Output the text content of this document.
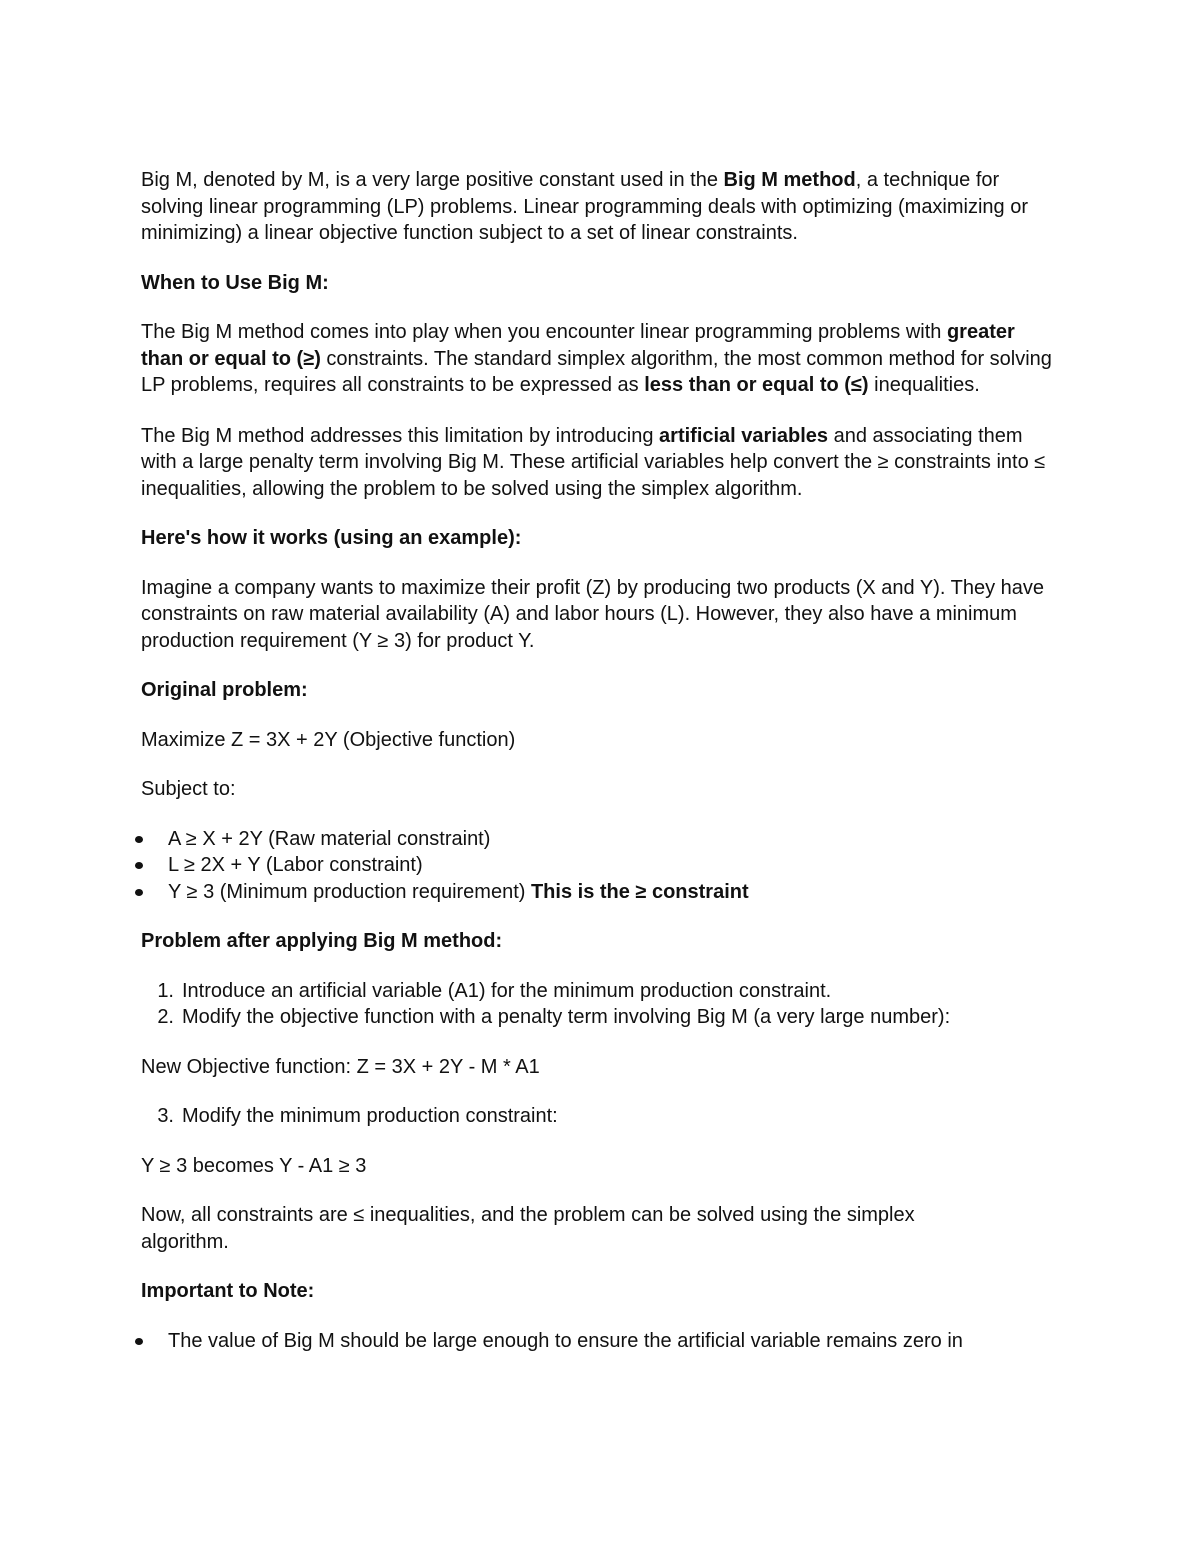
Big M, denoted by M, is a very large positive constant used in the Big M method, a technique for solving linear programming (LP) problems. Linear programming deals with optimizing (maximizing or minimizing) a linear objective function subject to a set of linear constraints.

When to Use Big M:

The Big M method comes into play when you encounter linear programming problems with greater than or equal to (≥) constraints. The standard simplex algorithm, the most common method for solving LP problems, requires all constraints to be expressed as less than or equal to (≤) inequalities.

The Big M method addresses this limitation by introducing artificial variables and associating them with a large penalty term involving Big M. These artificial variables help convert the ≥ constraints into ≤ inequalities, allowing the problem to be solved using the simplex algorithm.

Here's how it works (using an example):

Imagine a company wants to maximize their profit (Z) by producing two products (X and Y). They have constraints on raw material availability (A) and labor hours (L). However, they also have a minimum production requirement (Y ≥ 3) for product Y.

Original problem:

Maximize Z = 3X + 2Y (Objective function)

Subject to:

A ≥ X + 2Y (Raw material constraint)
L ≥ 2X + Y (Labor constraint)
Y ≥ 3 (Minimum production requirement) This is the ≥ constraint

Problem after applying Big M method:

1. Introduce an artificial variable (A1) for the minimum production constraint.
2. Modify the objective function with a penalty term involving Big M (a very large number):

New Objective function: Z = 3X + 2Y - M * A1

3. Modify the minimum production constraint:

Y ≥ 3 becomes Y - A1 ≥ 3

Now, all constraints are ≤ inequalities, and the problem can be solved using the simplex algorithm.

Important to Note:

The value of Big M should be large enough to ensure the artificial variable remains zero in
